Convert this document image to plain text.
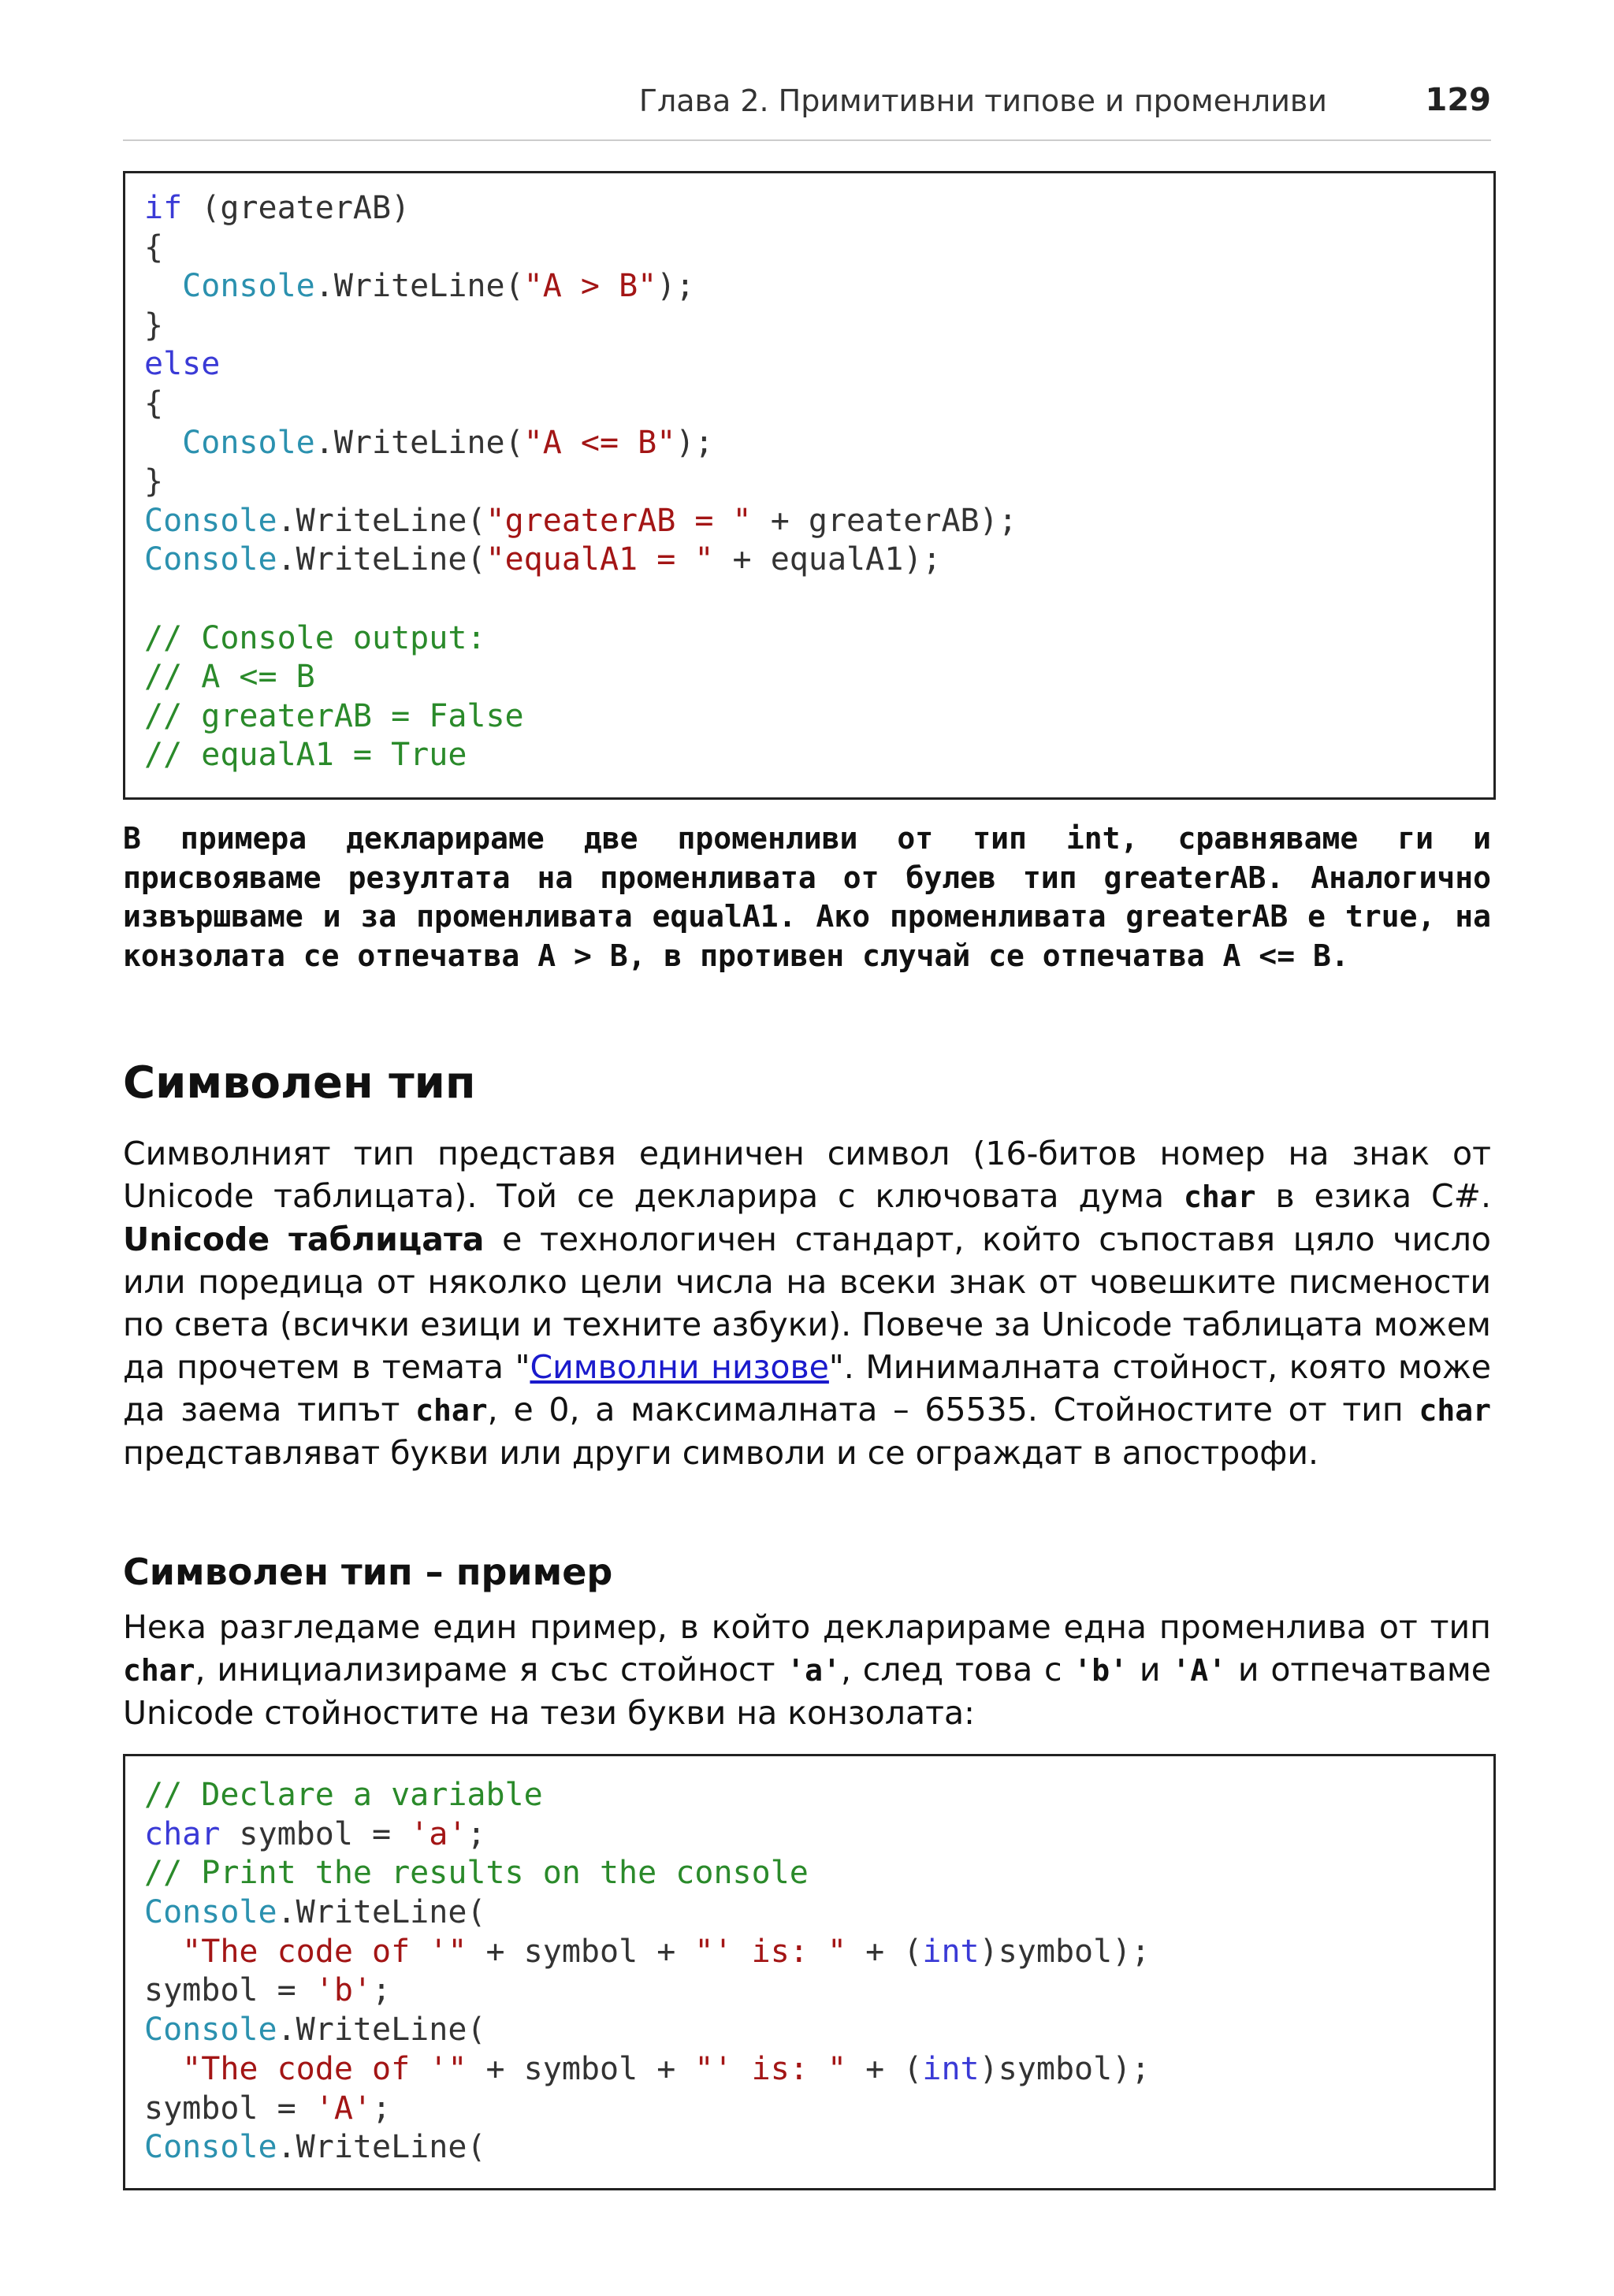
Глава 2. Примитивни типове и променливи	129
if (greaterAB)
{
Console.WriteLine("A > B");
}
else
{
Console.WriteLine("A <= B");
}
Console.WriteLine("greaterAB = " + greaterAB);
Console.WriteLine("equalA1 = " + equalA1);

// Console output:
// A <= B
// greaterAB = False
// equalA1 = True
В примера декларираме две променливи от тип int, сравняваме ги и присвояваме резултата на променливата от булев тип greaterAB. Аналогично извършваме и за променливата equalA1. Ако променливата greaterAB е true, на конзолата се отпечатва A > B, в противен случай се отпечатва A <= B.
Символен тип
Символният тип представя единичен символ (16-битов номер на знак от Unicode таблицата). Той се декларира с ключовата дума char в езика C#. Unicode таблицата е технологичен стандарт, който съпоставя цяло число или поредица от няколко цели числа на всеки знак от човешките писмености по света (всички езици и техните азбуки). Повече за Unicode таблицата можем да прочетем в темата "Символни низове". Минималната стойност, която може да заема типът char, е 0, а максималната – 65535. Стойностите от тип char представляват букви или други символи и се ограждат в апострофи.
Символен тип – пример
Нека разгледаме един пример, в който декларираме една променлива от тип char, инициализираме я със стойност 'a', след това с 'b' и 'A' и отпечатваме Unicode стойностите на тези букви на конзолата:
// Declare a variable
char symbol = 'a';
// Print the results on the console
Console.WriteLine(
"The code of '" + symbol + "' is: " + (int)symbol);
symbol = 'b';
Console.WriteLine(
"The code of '" + symbol + "' is: " + (int)symbol);
symbol = 'A';
Console.WriteLine(
